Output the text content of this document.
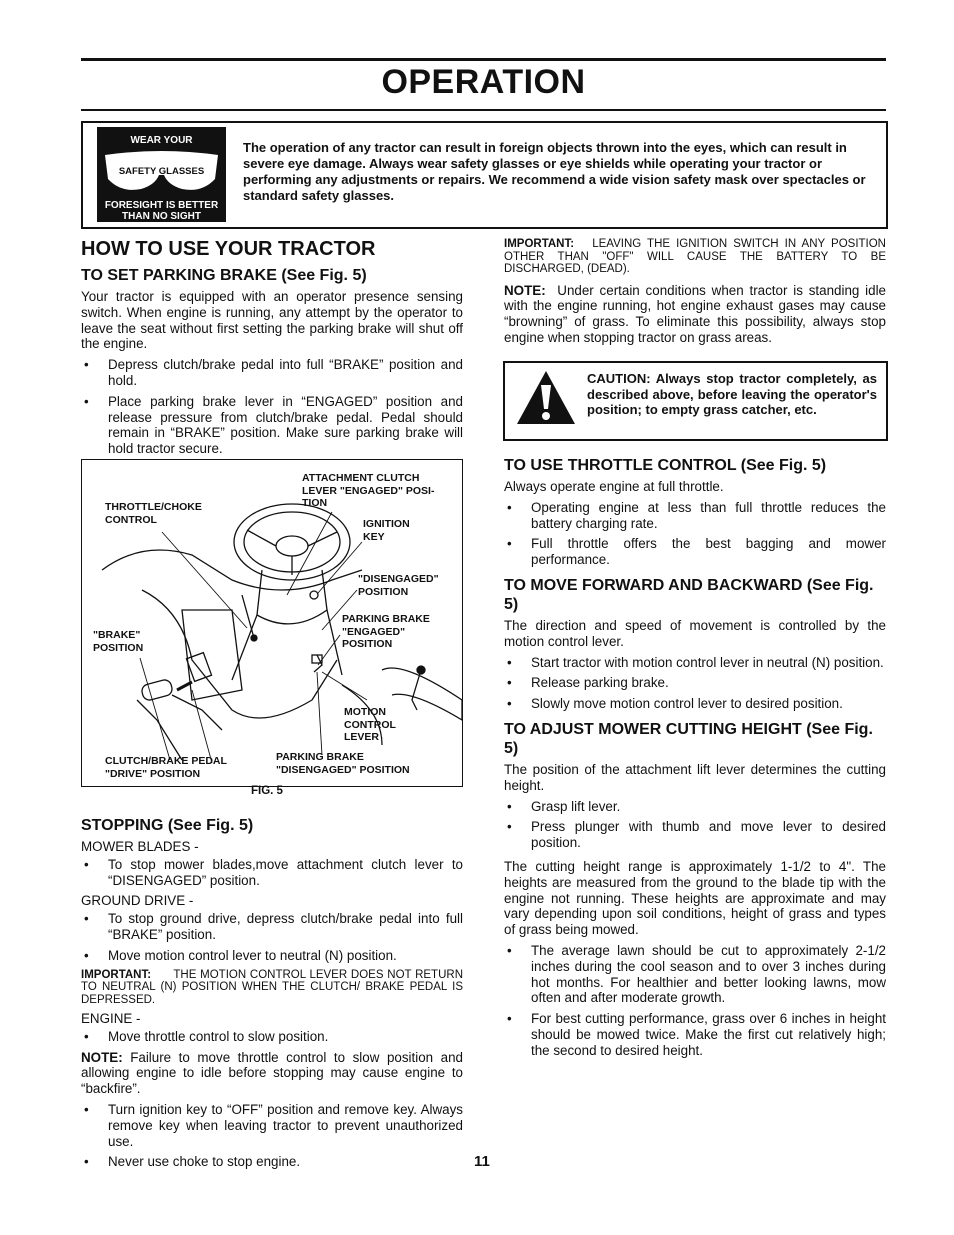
OPERATION
WEAR YOUR
SAFETY GLASSES
FORESIGHT IS BETTER
THAN NO SIGHT
The operation of any tractor can result in foreign objects thrown into the eyes, which can result in severe eye damage. Always wear safety glasses or eye shields while operating your tractor or performing any adjustments or repairs. We recommend a wide vision safety mask over spectacles or standard safety glasses.
HOW TO USE YOUR TRACTOR
TO SET PARKING BRAKE (See Fig. 5)

Your tractor is equipped with an operator presence sensing switch. When engine is running, any attempt by the operator to leave the seat without first setting the parking brake will shut off the engine.

• Depress clutch/brake pedal into full “BRAKE” position and hold.
• Place parking brake lever in “ENGAGED” position and release pressure from clutch/brake pedal. Pedal should remain in “BRAKE” position. Make sure parking brake will hold tractor secure.
THROTTLE/CHOKE
CONTROL
ATTACHMENT CLUTCH
LEVER "ENGAGED" POSI-
TION
IGNITION
KEY
"DISENGAGED"
POSITION
PARKING BRAKE
"ENGAGED"
POSITION
"BRAKE"
POSITION
MOTION
CONTROL
LEVER
CLUTCH/BRAKE PEDAL
"DRIVE" POSITION
PARKING BRAKE
"DISENGAGED" POSITION
FIG. 5
STOPPING (See Fig. 5)

MOWER BLADES -

• To stop mower blades,move attachment clutch lever to “DISENGAGED” position.

GROUND DRIVE -

• To stop ground drive, depress clutch/brake pedal into full “BRAKE” position.
• Move motion control lever to neutral (N) position.

IMPORTANT: THE MOTION CONTROL LEVER DOES NOT RETURN TO NEUTRAL (N) POSITION WHEN THE CLUTCH/ BRAKE PEDAL IS DEPRESSED.

ENGINE -

• Move throttle control to slow position.

NOTE: Failure to move throttle control to slow position and allowing engine to idle before stopping may cause engine to “backfire”.

• Turn ignition key to “OFF” position and remove key. Always remove key when leaving tractor to prevent unauthorized use.
• Never use choke to stop engine.

IMPORTANT: LEAVING THE IGNITION SWITCH IN ANY POSITION OTHER THAN "OFF" WILL CAUSE THE BATTERY TO BE DISCHARGED, (DEAD).

NOTE: Under certain conditions when tractor is standing idle with the engine running, hot engine exhaust gases may cause “browning” of grass. To eliminate this possibility, always stop engine when stopping tractor on grass areas.

CAUTION: Always stop tractor completely, as described above, before leaving the operator's position; to empty grass catcher, etc.
TO USE THROTTLE CONTROL (See Fig. 5)

Always operate engine at full throttle.

• Operating engine at less than full throttle reduces the battery charging rate.
• Full throttle offers the best bagging and mower performance.
TO MOVE FORWARD AND BACKWARD (See Fig. 5)

The direction and speed of movement is controlled by the motion control lever.

• Start tractor with motion control lever in neutral (N) position.
• Release parking brake.
• Slowly move motion control lever to desired position.
TO ADJUST MOWER CUTTING HEIGHT (See Fig. 5)

The position of the attachment lift lever determines the cutting height.

• Grasp lift lever.
• Press plunger with thumb and move lever to desired position.

The cutting height range is approximately 1-1/2 to 4". The heights are measured from the ground to the blade tip with the engine not running. These heights are approximate and may vary depending upon soil conditions, height of grass and types of grass being mowed.

• The average lawn should be cut to approximately 2-1/2 inches during the cool season and to over 3 inches during hot months. For healthier and better looking lawns, mow often and after moderate growth.
• For best cutting performance, grass over 6 inches in height should be mowed twice. Make the first cut relatively high; the second to desired height.
11
